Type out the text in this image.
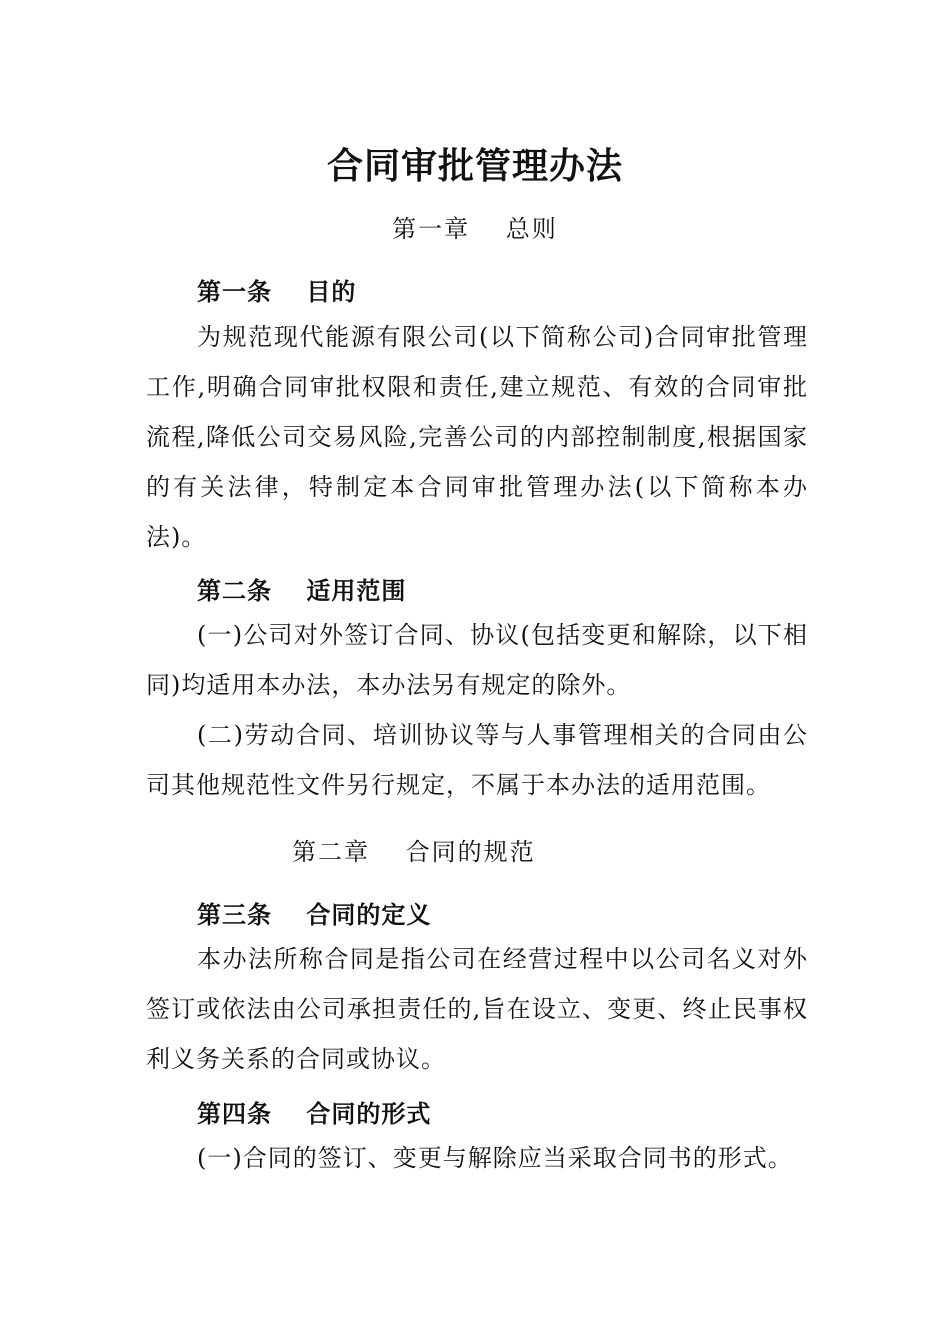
合同审批管理办法
第一章　 总则
第一条　 目的
为规范现代能源有限公司(以下简称公司)合同审批管理工作,明确合同审批权限和责任,建立规范、有效的合同审批流程,降低公司交易风险,完善公司的内部控制制度,根据国家的有关法律，特制定本合同审批管理办法(以下简称本办法)。
第二条　 适用范围
(一)公司对外签订合同、协议(包括变更和解除，以下相同)均适用本办法，本办法另有规定的除外。
(二)劳动合同、培训协议等与人事管理相关的合同由公司其他规范性文件另行规定，不属于本办法的适用范围。
第二章　 合同的规范
第三条　 合同的定义
本办法所称合同是指公司在经营过程中以公司名义对外签订或依法由公司承担责任的,旨在设立、变更、终止民事权利义务关系的合同或协议。
第四条　 合同的形式
(一)合同的签订、变更与解除应当采取合同书的形式。
